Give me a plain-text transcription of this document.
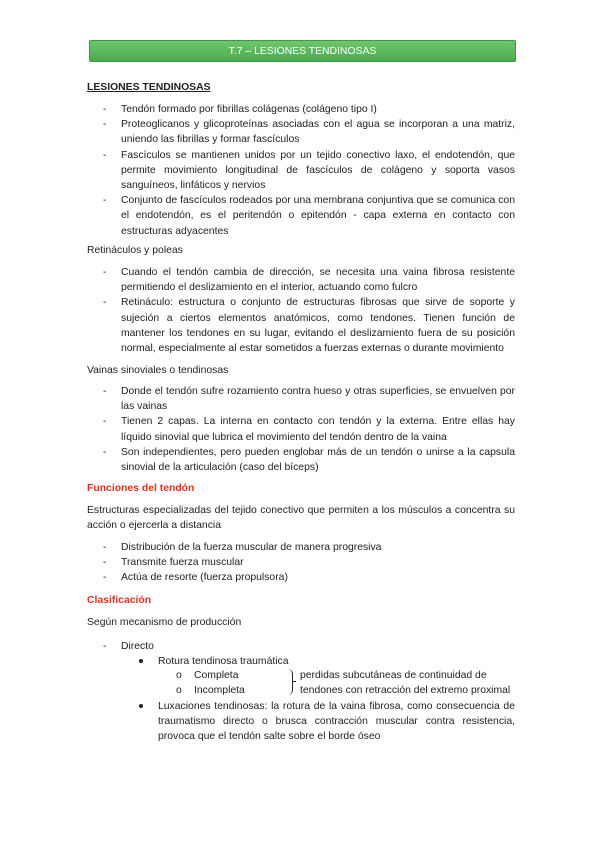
T.7 – LESIONES TENDINOSAS
LESIONES TENDINOSAS
- Tendón formado por fibrillas colágenas (colágeno tipo I)
- Proteoglicanos y glicoproteínas asociadas con el agua se incorporan a una matriz, uniendo las fibrillas y formar fascículos
- Fascículos se mantienen unidos por un tejido conectivo laxo, el endotendón, que permite movimiento longitudinal de fascículos de colágeno y soporta vasos sanguíneos, linfáticos y nervios
- Conjunto de fascículos rodeados por una membrana conjuntiva que se comunica con el endotendón, es el peritendón o epitendón - capa externa en contacto con estructuras adyacentes
Retináculos y poleas
- Cuando el tendón cambia de dirección, se necesita una vaina fibrosa resistente permitiendo el deslizamiento en el interior, actuando como fulcro
- Retináculo: estructura o conjunto de estructuras fibrosas que sirve de soporte y sujeción a ciertos elementos anatómicos, como tendones. Tienen función de mantener los tendones en su lugar, evitando el deslizamiento fuera de su posición normal, especialmente al estar sometidos a fuerzas externas o durante movimiento
Vainas sinoviales o tendinosas
- Donde el tendón sufre rozamiento contra hueso y otras superficies, se envuelven por las vainas
- Tienen 2 capas. La interna en contacto con tendón y la externa. Entre ellas hay líquido sinovial que lubrica el movimiento del tendón dentro de la vaina
- Son independientes, pero pueden englobar más de un tendón o unirse a la capsula sinovial de la articulación (caso del bíceps)
Funciones del tendón
Estructuras especializadas del tejido conectivo que permiten a los músculos a concentra su acción o ejercerla a distancia
- Distribución de la fuerza muscular de manera progresiva
- Transmite fuerza muscular
- Actúa de resorte (fuerza propulsora)
Clasificación
Según mecanismo de producción
- Directo
Rotura tendinosa traumática
o Completa
o Incompleta
perdidas subcutáneas de continuidad de
tendones con retracción del extremo proximal
Luxaciones tendinosas: la rotura de la vaina fibrosa, como consecuencia de traumatismo directo o brusca contracción muscular contra resistencia, provoca que el tendón salte sobre el borde óseo
